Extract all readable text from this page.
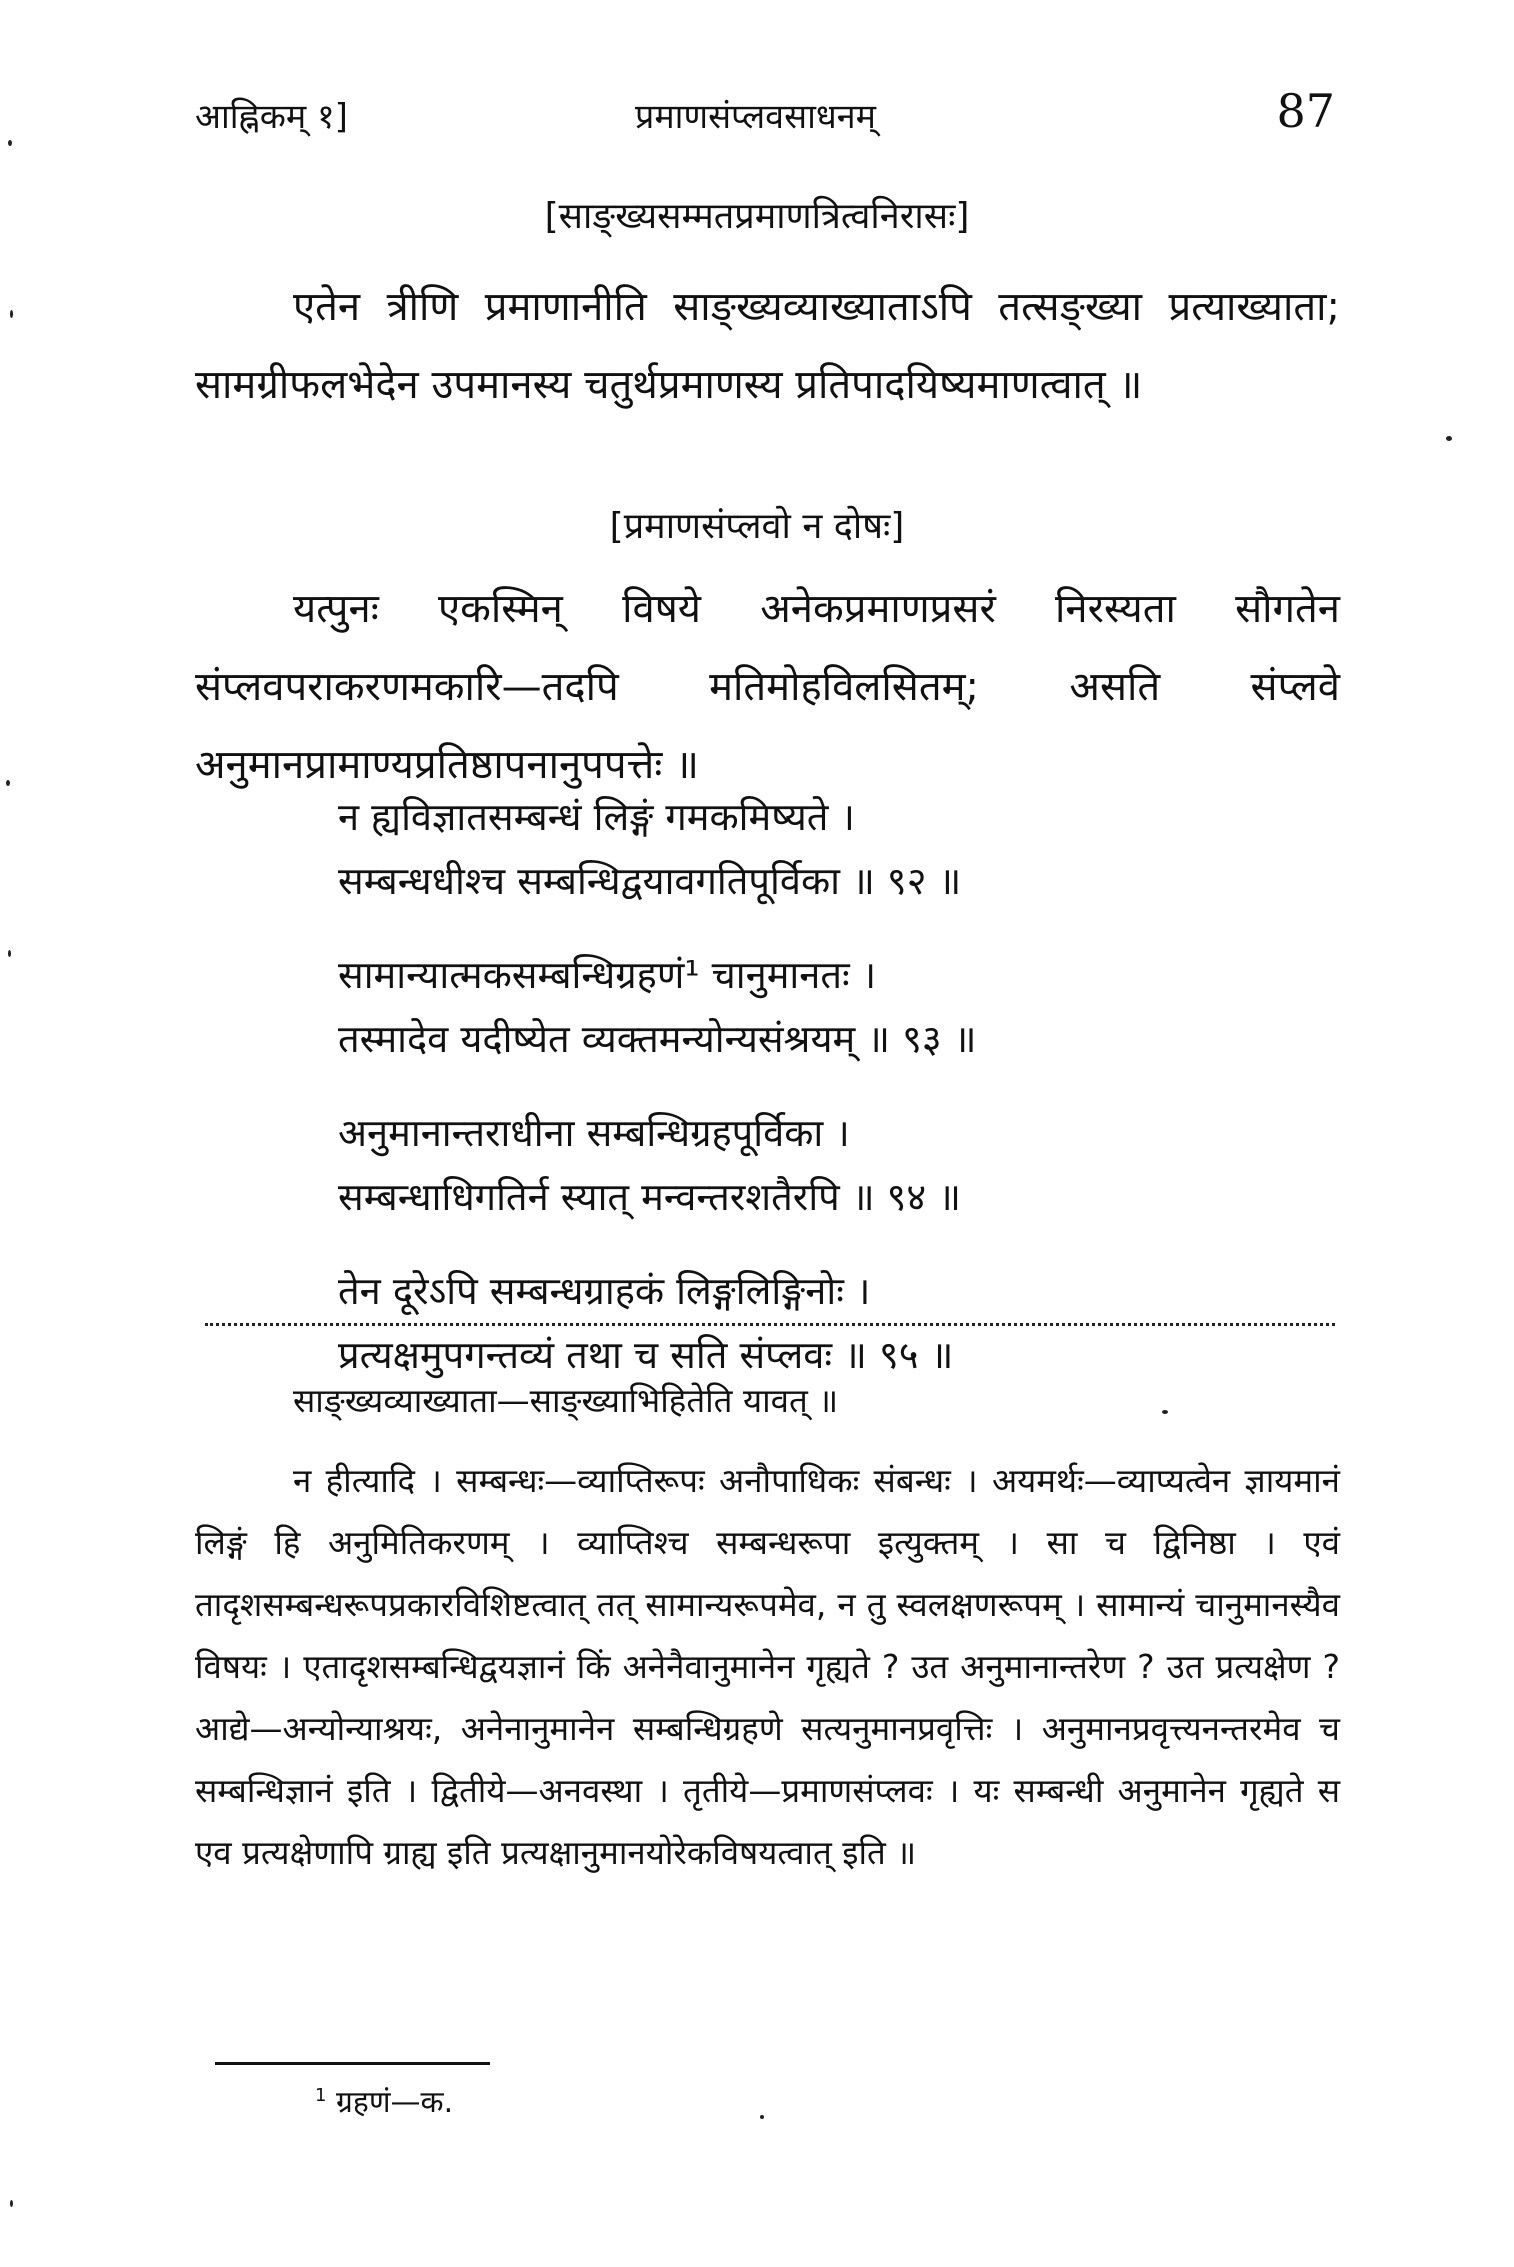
आह्निकम् १]	प्रमाणसंप्लवसाधनम्	87
[साङ्ख्यसम्मतप्रमाणत्रित्वनिरासः]
एतेन त्रीणि प्रमाणानीति साङ्ख्यव्याख्याताऽपि तत्सङ्ख्या प्रत्याख्याता; सामग्रीफलभेदेन उपमानस्य चतुर्थप्रमाणस्य प्रतिपादयिष्यमाणत्वात् ॥
[प्रमाणसंप्लवो न दोषः]
यत्पुनः एकस्मिन् विषये अनेकप्रमाणप्रसरं निरस्यता सौगतेन संप्लवपराकरणमकारि—तदपि मतिमोहविलसितम्; असति संप्लवे अनुमानप्रामाण्यप्रतिष्ठापनानुपपत्तेः ॥
न ह्यविज्ञातसम्बन्धं लिङ्गं गमकमिष्यते ।
सम्बन्धधीश्च सम्बन्धिद्वयावगतिपूर्विका ॥ ९२ ॥
सामान्यात्मकसम्बन्धिग्रहणं¹ चानुमानतः ।
तस्मादेव यदीष्येत व्यक्तमन्योन्यसंश्रयम् ॥ ९३ ॥
अनुमानान्तराधीना सम्बन्धिग्रहपूर्विका ।
सम्बन्धाधिगतिर्न स्यात् मन्वन्तरशतैरपि ॥ ९४ ॥
तेन दूरेऽपि सम्बन्धग्राहकं लिङ्गलिङ्गिनोः ।
प्रत्यक्षमुपगन्तव्यं तथा च सति संप्लवः ॥ ९५ ॥
साङ्ख्यव्याख्याता—साङ्ख्याभिहितेति यावत् ॥
न हीत्यादि । सम्बन्धः—व्याप्तिरूपः अनौपाधिकः संबन्धः । अयमर्थः—व्याप्यत्वेन ज्ञायमानं लिङ्गं हि अनुमितिकरणम् । व्याप्तिश्च सम्बन्धरूपा इत्युक्तम् । सा च द्विनिष्ठा । एवं तादृशसम्बन्धरूपप्रकारविशिष्टत्वात् तत् सामान्यरूपमेव, न तु स्वलक्षणरूपम् । सामान्यं चानुमानस्यैव विषयः । एतादृशसम्बन्धिद्वयज्ञानं किं अनेनैवानुमानेन गृह्यते ? उत अनुमानान्तरेण ? उत प्रत्यक्षेण ? आद्ये—अन्योन्याश्रयः, अनेनानुमानेन सम्बन्धिग्रहणे सत्यनुमानप्रवृत्तिः । अनुमानप्रवृत्त्यनन्तरमेव च सम्बन्धिज्ञानं इति । द्वितीये—अनवस्था । तृतीये—प्रमाणसंप्लवः । यः सम्बन्धी अनुमानेन गृह्यते स एव प्रत्यक्षेणापि ग्राह्य इति प्रत्यक्षानुमानयोरेकविषयत्वात् इति ॥
$^1$ ग्रहणं—क.
